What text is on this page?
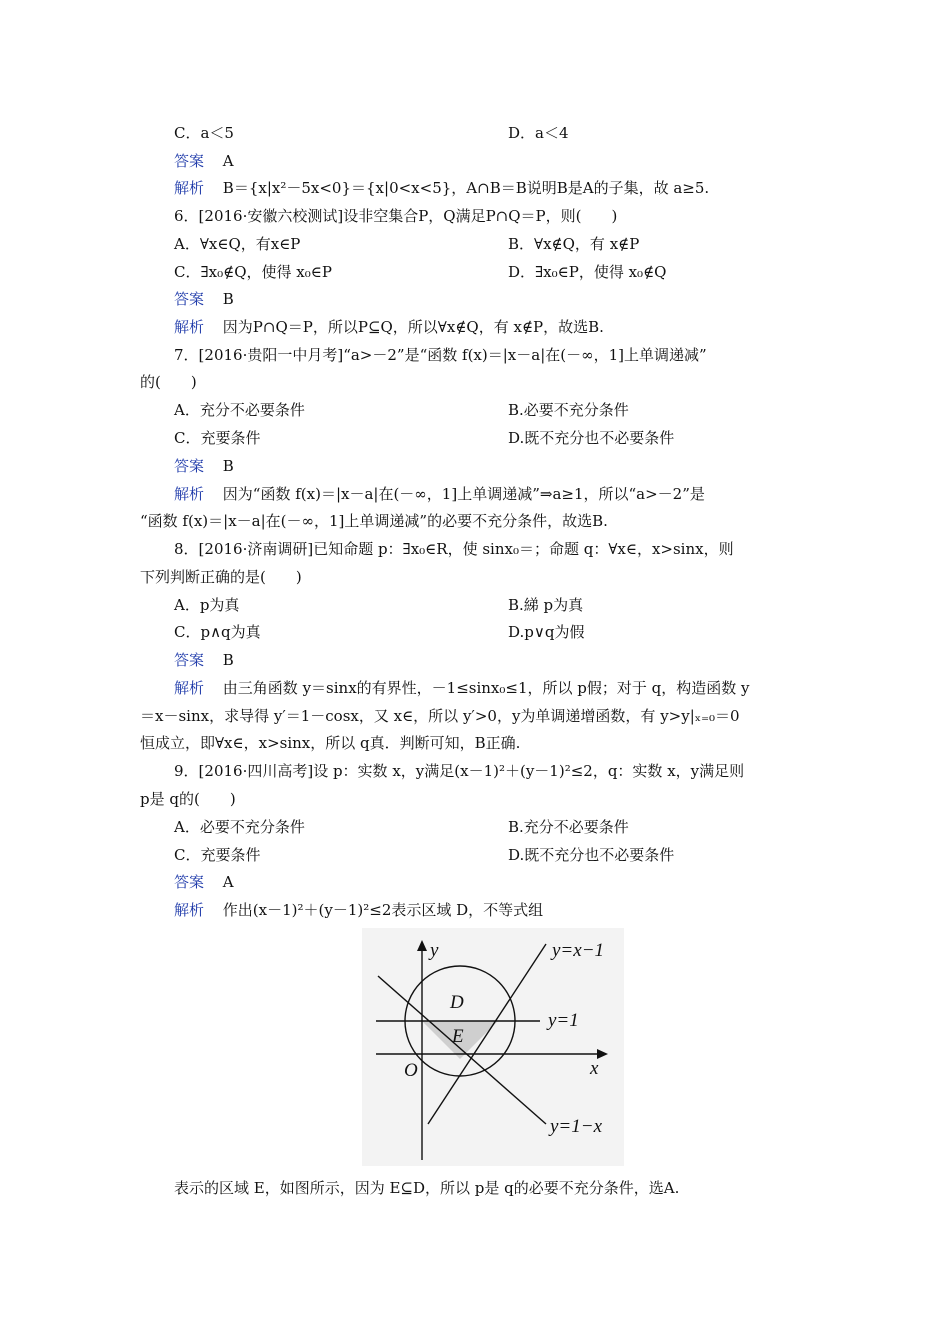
C．a＜5	D．a＜4
答案 A
解析 B＝{x|x²－5x<0}＝{x|0<x<5}，A∩B＝B说明B是A的子集，故 a≥5.
6．[2016·安徽六校测试]设非空集合P，Q满足P∩Q＝P，则(　　)
A．∀x∈Q，有x∈P	B．∀x∉Q，有 x∉P
C．∃x₀∉Q，使得 x₀∈P	D．∃x₀∈P，使得 x₀∉Q
答案 B
解析 因为P∩Q＝P，所以P⊆Q，所以∀x∉Q，有 x∉P，故选B.
7．[2016·贵阳一中月考]“a>－2”是“函数 f(x)＝|x－a|在(－∞，1]上单调递减”
的(　　)
A．充分不必要条件	B.必要不充分条件
C．充要条件	D.既不充分也不必要条件
答案 B
解析 因为“函数 f(x)＝|x－a|在(－∞，1]上单调递减”⇒a≥1，所以“a>－2”是
“函数 f(x)＝|x－a|在(－∞，1]上单调递减”的必要不充分条件，故选B.
8．[2016·济南调研]已知命题 p：∃x₀∈R，使 sinx₀＝；命题 q：∀x∈，x>sinx，则
下列判断正确的是(　　)
A．p为真	B.綈 p为真
C．p∧q为真	D.p∨q为假
答案 B
解析 由三角函数 y＝sinx的有界性，－1≤sinx₀≤1，所以 p假；对于 q，构造函数 y
＝x－sinx，求导得 y′＝1－cosx，又 x∈，所以 y′>0，y为单调递增函数，有 y>y|ₓ₌₀＝0
恒成立，即∀x∈，x>sinx，所以 q真．判断可知，B正确.
9．[2016·四川高考]设 p：实数 x，y满足(x－1)²＋(y－1)²≤2，q：实数 x，y满足则
p是 q的(　　)
A．必要不充分条件	B.充分不必要条件
C．充要条件	D.既不充分也不必要条件
答案 A
解析 作出(x－1)²＋(y－1)²≤2表示区域 D，不等式组
y
x
O
D
E
y=x−1
y=1
y=1−x
表示的区域 E，如图所示，因为 E⊆D，所以 p是 q的必要不充分条件，选A.
